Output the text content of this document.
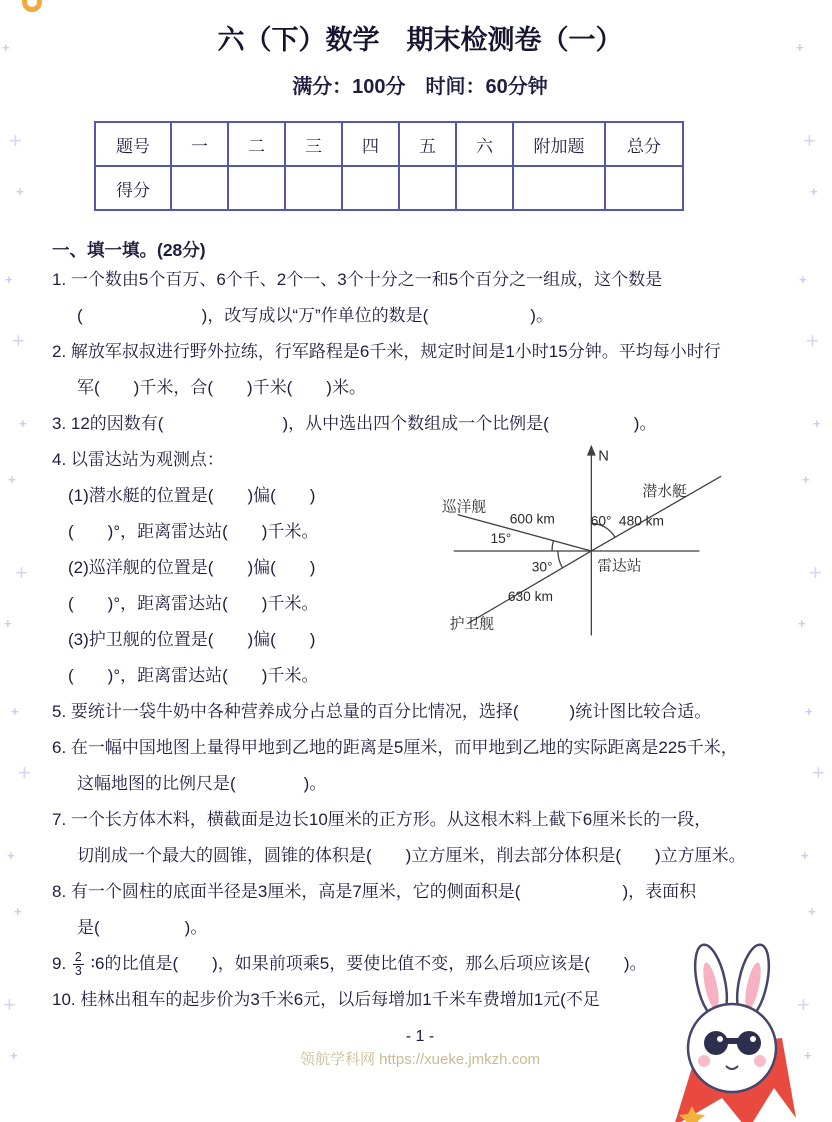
+
+
+
+
+
+
+
+
+
+
+
+
+
+
+
+
+
+
+
+
+
+
+
+
+
+
+
+
+
+
六（下）数学　期末检测卷（一）
满分：100分　时间：60分钟
题号	一	二	三	四	五	六	附加题	总分
得分								
一、填一填。(28分)
1. 一个数由5个百万、6个千、2个一、3个十分之一和5个百分之一组成，这个数是
(　　　　　　　)，改写成以“万”作单位的数是(　　　　　　)。
2. 解放军叔叔进行野外拉练，行军路程是6千米，规定时间是1小时15分钟。平均每小时行
军(　　)千米，合(　　)千米(　　)米。
3. 12的因数有(　　　　　　　)，从中选出四个数组成一个比例是(　　　　　)。
4. 以雷达站为观测点：
(1)潜水艇的位置是(　　)偏(　　)
(　　)°，距离雷达站(　　)千米。
(2)巡洋舰的位置是(　　)偏(　　)
(　　)°，距离雷达站(　　)千米。
(3)护卫舰的位置是(　　)偏(　　)
(　　)°，距离雷达站(　　)千米。
N
潜水艇
480 km
60°
600 km
15°
巡洋舰
30°
630 km
护卫舰
雷达站
5. 要统计一袋牛奶中各种营养成分占总量的百分比情况，选择(　　　)统计图比较合适。
6. 在一幅中国地图上量得甲地到乙地的距离是5厘米，而甲地到乙地的实际距离是225千米，
这幅地图的比例尺是(　　　　)。
7. 一个长方体木料，横截面是边长10厘米的正方形。从这根木料上截下6厘米长的一段，
切削成一个最大的圆锥，圆锥的体积是(　　)立方厘米，削去部分体积是(　　)立方厘米。
8. 有一个圆柱的底面半径是3厘米，高是7厘米，它的侧面积是(　　　　　　)，表面积
是(　　　　　)。
9. $\frac{2}{3}$ ∶6的比值是(　　)，如果前项乘5，要使比值不变，那么后项应该是(　　)。
10. 桂林出租车的起步价为3千米6元，以后每增加1千米车费增加1元(不足
- 1 -
领航学科网 https://xueke.jmkzh.com
